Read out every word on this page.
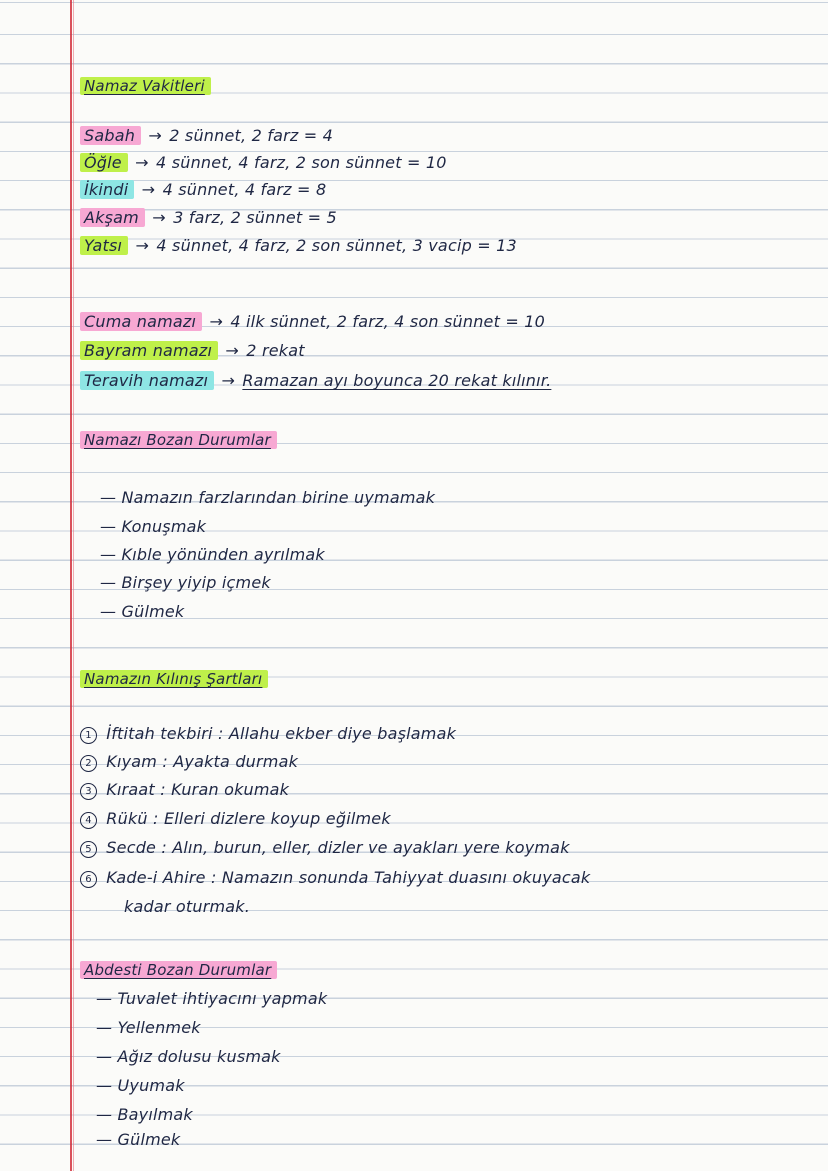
Namaz Vakitleri
Sabah → 2 sünnet, 2 farz = 4
Öğle → 4 sünnet, 4 farz, 2 son sünnet = 10
İkindi → 4 sünnet, 4 farz = 8
Akşam → 3 farz, 2 sünnet = 5
Yatsı → 4 sünnet, 4 farz, 2 son sünnet, 3 vacip = 13
Cuma namazı → 4 ilk sünnet, 2 farz, 4 son sünnet = 10
Bayram namazı → 2 rekat
Teravih namazı → Ramazan ayı boyunca 20 rekat kılınır.
Namazı Bozan Durumlar
— Namazın farzlarından birine uymamak
— Konuşmak
— Kıble yönünden ayrılmak
— Birşey yiyip içmek
— Gülmek
Namazın Kılınış Şartları
1 İftitah tekbiri : Allahu ekber diye başlamak
2 Kıyam : Ayakta durmak
3 Kıraat : Kuran okumak
4 Rükü : Elleri dizlere koyup eğilmek
5 Secde : Alın, burun, eller, dizler ve ayakları yere koymak
6 Kade-i Ahire : Namazın sonunda Tahiyyat duasını okuyacak
kadar oturmak.
Abdesti Bozan Durumlar
— Tuvalet ihtiyacını yapmak
— Yellenmek
— Ağız dolusu kusmak
— Uyumak
— Bayılmak
— Gülmek
